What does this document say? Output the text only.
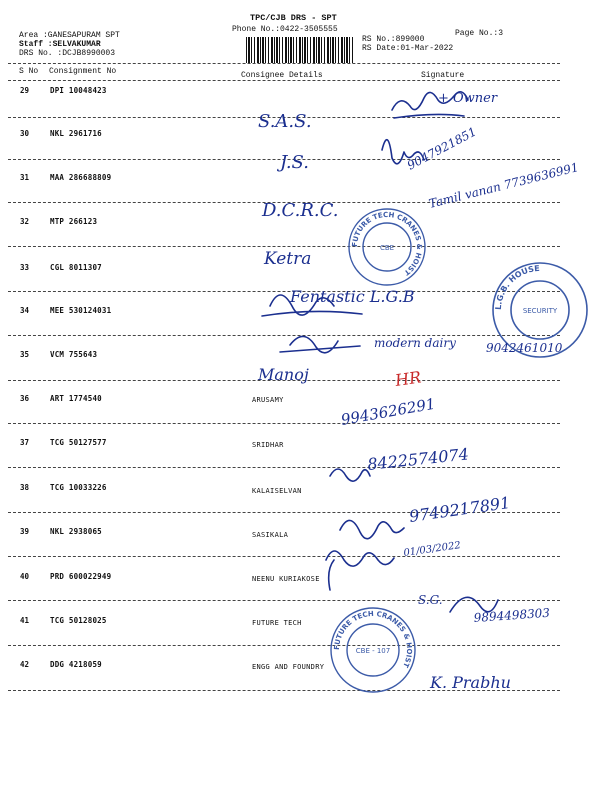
TPC/CJB DRS - SPT
Phone No.:0422-3505555
Area :GANESAPURAM SPT
Staff :SELVAKUMAR
DRS No. :DCJB8990003
RS No.:899000
RS Date:01-Mar-2022
Page No.:3
S No Consignment No	Consignee Details	Signature
29	DPI 10048423
30	NKL 2961716
31	MAA 286688809
32	MTP 266123
33	CGL 8011307
34	MEE 530124031
35	VCM 755643
36	ART 1774540	ARUSAMY
37	TCG 50127577	SRIDHAR
38	TCG 10033226	KALAISELVAN
39	NKL 2938065	SASIKALA
40	PRD 600022949	NEENU KURIAKOSE
41	TCG 50128025	FUTURE TECH
42	DDG 4218059	ENGG AND FOUNDRY
FUTURE TECH CRANES & HOIST
CBE
L.G.B. HOUSE
SECURITY
FUTURE TECH CRANES & HOIST
CBE - 107
+ Owner
S.A.S.
9047921851
J.S.	Tamil vanan 7739636991
D.C.R.C.
Ketra
Fentastic L.G.B
9042461010
modern dairy
Manoj
9943626291
8422574074
9749217891
01/03/2022
S.G.
9894498303
K. Prabhu
HR
